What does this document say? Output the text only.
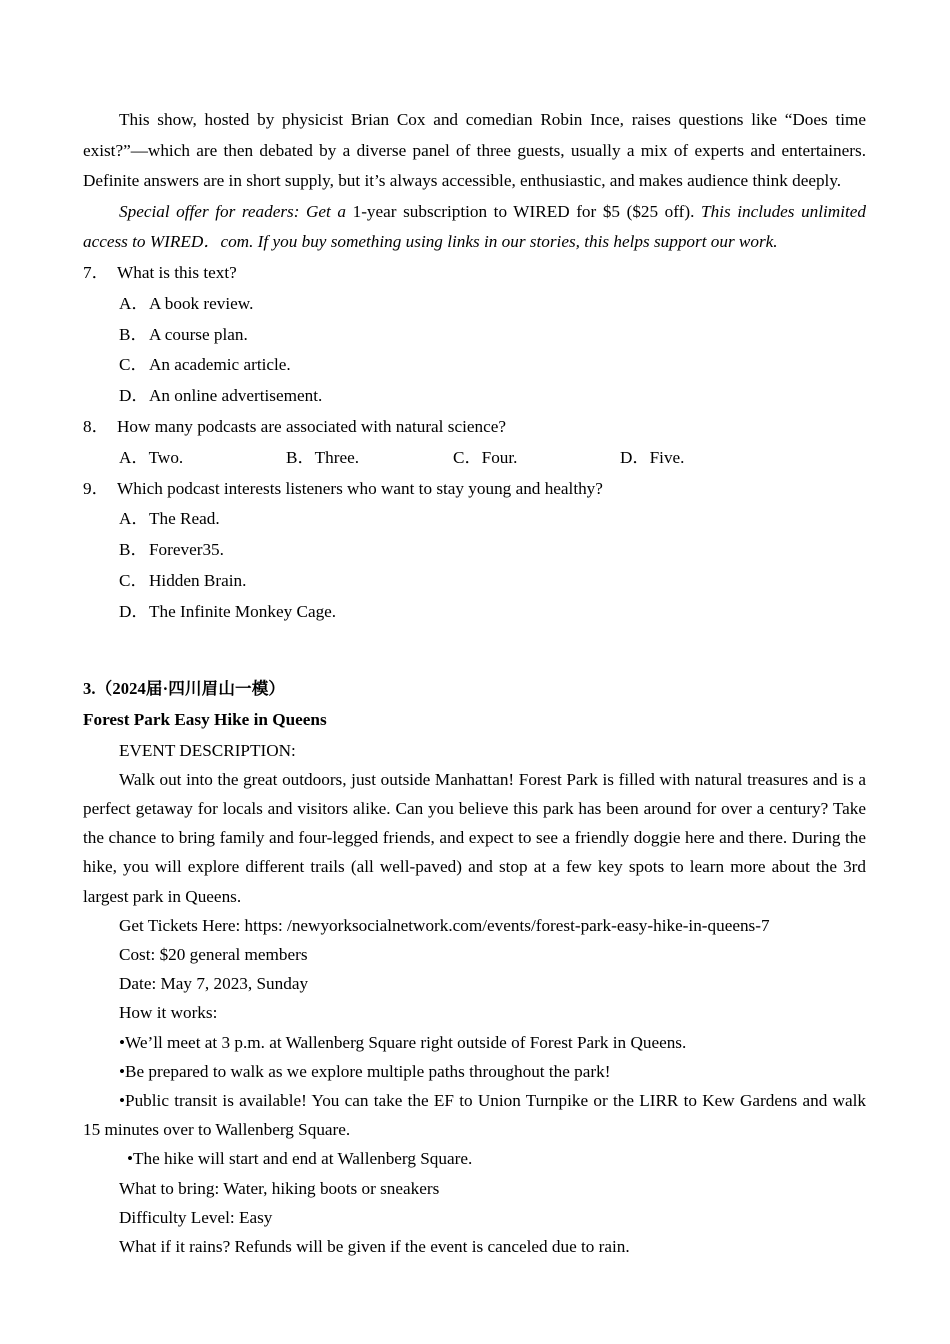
This show, hosted by physicist Brian Cox and comedian Robin Ince, raises questions like “Does time exist?”—which are then debated by a diverse panel of three guests, usually a mix of experts and entertainers. Definite answers are in short supply, but it’s always accessible, enthusiastic, and makes audience think deeply.

Special offer for readers: Get a 1-year subscription to WIRED for $5 ($25 off). This includes unlimited access to WIRED．com. If you buy something using links in our stories, this helps support our work.

7． What is this text?
A． A book review.
B． A course plan.
C． An academic article.
D． An online advertisement.
8． How many podcasts are associated with natural science?
A．Two.	B．Three.	C．Four.	D．Five.
9． Which podcast interests listeners who want to stay young and healthy?
A． The Read.
B． Forever35.
C． Hidden Brain.
D． The Infinite Monkey Cage.

3.（2024届·四川眉山一模）

Forest Park Easy Hike in Queens

EVENT DESCRIPTION:

Walk out into the great outdoors, just outside Manhattan! Forest Park is filled with natural treasures and is a perfect getaway for locals and visitors alike. Can you believe this park has been around for over a century? Take the chance to bring family and four-legged friends, and expect to see a friendly doggie here and there. During the hike, you will explore different trails (all well-paved) and stop at a few key spots to learn more about the 3rd largest park in Queens.

Get Tickets Here: https: /newyorksocialnetwork.com/events/forest-park-easy-hike-in-queens-7

Cost: $20 general members

Date: May 7, 2023, Sunday

How it works:

•We’ll meet at 3 p.m. at Wallenberg Square right outside of Forest Park in Queens.

•Be prepared to walk as we explore multiple paths throughout the park!

•Public transit is available! You can take the EF to Union Turnpike or the LIRR to Kew Gardens and walk 15 minutes over to Wallenberg Square.

•The hike will start and end at Wallenberg Square.

What to bring: Water, hiking boots or sneakers

Difficulty Level: Easy

What if it rains? Refunds will be given if the event is canceled due to rain.
